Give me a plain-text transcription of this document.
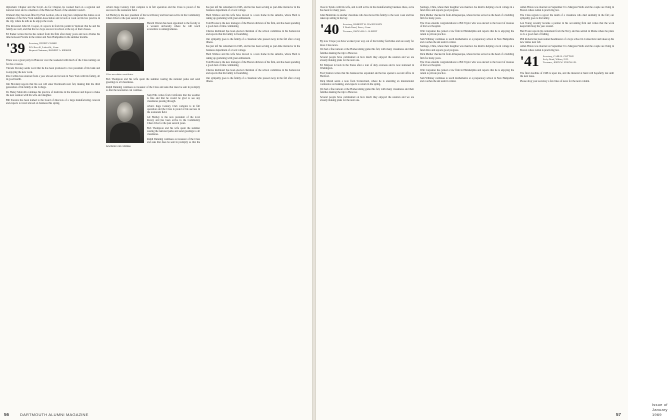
diplomatic Chapter and the Scroll. As for Chapter, he worked hard on a regional and national level and is a member of the Hanover Board of the Alumni Council.

Women's Day has been filled by Fred Gordon, who at long last completed his duties as an alumnus of the New York Alumni Association and is back at work on his law practice in the city, where he tells us he enjoys the work.

The Reverend John M. Cooper, Jr. reports in from his parish in Vermont that he and his family are well, and that his two boys are now in school at the top of their classes.

Ed Parker writes that he has retired from his firm after many years and now divides his time between Florida in the winter and New Hampshire in the summer months.

'39 Secretary, HENRY COOKE
P.O. Box 45, Lakeville, Conn.
Bequest Chairman, ROBERT A. KIDDER

There was a great party in Hanover over the weekend with much of the Class turning out for the occasion.

Vincent Downey sends word that he has been promoted to vice president of his bank and is enjoying the new work.

Pete Collins has returned from a year abroad and is back in New York with his family, all in good health.

Jim Howland reports that his son will enter Dartmouth next fall, making him the third generation of his family at the College.

Dr. Henry Malcolm continues his practice of medicine in the midwest and hopes to make the next reunion with his wife and daughter.

Bill Stevens has been named to the board of directors of a large manufacturing concern and expects to travel abroad on business this spring.

Alvie's huge Century Club complex is in full operation and the Class is proud of his success in the restaurant field.

Gil Hartley is the new president of the local Rotary and has been active in the Community Chest drive for the past several years.

Harold Warren has been appointed to the faculty at a western university where he will teach economics to undergraduates.

Class newsletter contributor

Bob Thompson and his wife spent the summer touring the national parks and send greetings to all classmates.

Ralph Dunning continues as treasurer of the Class and asks that dues be sent in promptly so that the newsletter can continue.

Sam Ellis writes from California that the weather is fine and that he would be glad to see any classmates passing through.

Alvie's huge Century Club complex is in full operation and the Class is proud of his success in the restaurant field.

Gil Hartley is the new president of the local Rotary and has been active in the Community Chest drive for the past several years.

Bob Thompson and his wife spent the summer touring the national parks and send greetings to all classmates.

Ralph Dunning continues as treasurer of the Class and asks that dues be sent in promptly so that the newsletter can continue.

has just left his retirement in 1965, and he has been serving as part-time instructor in the business department of a local college.

Herb Wallace and his wife have moved to a new home in the suburbs, where Herb is taking up gardening with great enthusiasm.

Tom Brooks is the new manager of the Boston division of his firm, and has been spending a good deal of time commuting.

Charles Redmond has been elected chairman of the school committee in his hometown and reports that his family is flourishing.

Our sympathy goes to the family of a classmate who passed away in the fall after a long illness.

has just left his retirement in 1965, and he has been serving as part-time instructor in the business department of a local college.

Herb Wallace and his wife have moved to a new home in the suburbs, where Herb is taking up gardening with great enthusiasm.

Tom Brooks is the new manager of the Boston division of his firm, and has been spending a good deal of time commuting.

Charles Redmond has been elected chairman of the school committee in his hometown and reports that his family is flourishing.

Our sympathy goes to the family of a classmate who passed away in the fall after a long illness.

56	DARTMOUTH ALUMNI MAGAZINE

lives in Toledo with his wife, and is still active in the manufacturing business there, as he has been for many years.

John Hendricks is another classmate who has moved his family to the west coast and has taken up sailing in the bay.

'40 Secretary, ROBERT W. HAGHELSEN
9 North Road, Essex, Conn.
Treasurer, DONALD G. ALBERT

By now I hope you have worked your way out of the holiday festivities and are ready for more Class news.

We had a fine turnout at the Homecoming game this fall, with many classmates and their families making the trip to Hanover.

Several people have commented on how much they enjoyed the reunion and we are already making plans for the next one.

Ed Simpson is back in the States after a tour of duty overseas and is now stationed in Washington.

Fred Stanton writes that his business has expanded and he has opened a second office in Hartford.

Dick Marsh sends a note from Switzerland, where he is attending an international conference on banking, and expects to return in the spring.

We had a fine turnout at the Homecoming game this fall, with many classmates and their families making the trip to Hanover.

Several people have commented on how much they enjoyed the reunion and we are already making plans for the next one.

Santiago, Chile, where their daughter was married. Joe Reid is helping a local college in a fund drive and reports good progress.

Dick Mather checked in from Albuquerque, where he has served as the head of a building firm for many years.

The Class extends congratulations to Bill Taylor who was elected to the board of trustees of his local hospital.

Walt Carpenter has joined a law firm in Philadelphia and reports that he is enjoying the return to private practice.

Sam Whitney continues to teach mathematics at a preparatory school in New Hampshire and coaches the ski team in winter.

Santiago, Chile, where their daughter was married. Joe Reid is helping a local college in a fund drive and reports good progress.

Dick Mather checked in from Albuquerque, where he has served as the head of a building firm for many years.

The Class extends congratulations to Bill Taylor who was elected to the board of trustees of his local hospital.

Walt Carpenter has joined a law firm in Philadelphia and reports that he is enjoying the return to private practice.

Sam Whitney continues to teach mathematics at a preparatory school in New Hampshire and coaches the ski team in winter.

Alden Hixon was married on September 9 to Margaret Wells and the couple are living in Boston where Alden is practicing law.

The Class regrets to report the death of a classmate who died suddenly in the fall; our sympathy goes to his family.

Len Young recently became a partner in his accounting firm and writes that the work keeps him busy the year around.

Bud Foster reports his retirement from the Navy and has settled in Maine where he plans to do a good deal of fishing.

Phil Roberts has been named headmaster of a boys school in Connecticut and takes up his new duties next fall.

Alden Hixon was married on September 9 to Margaret Wells and the couple are living in Boston where Alden is practicing law.

'41 Secretary, CARL B. COTTON
Seely Road, Wilton, N.H.
Treasurer, JOHN W. YOUNG JR.

The final deadline of 1968 is upon me, and the material at hand will hopefully last until the next issue.

Please drop your secretary a few lines of news for the next column.

Issue of January 1969
57
